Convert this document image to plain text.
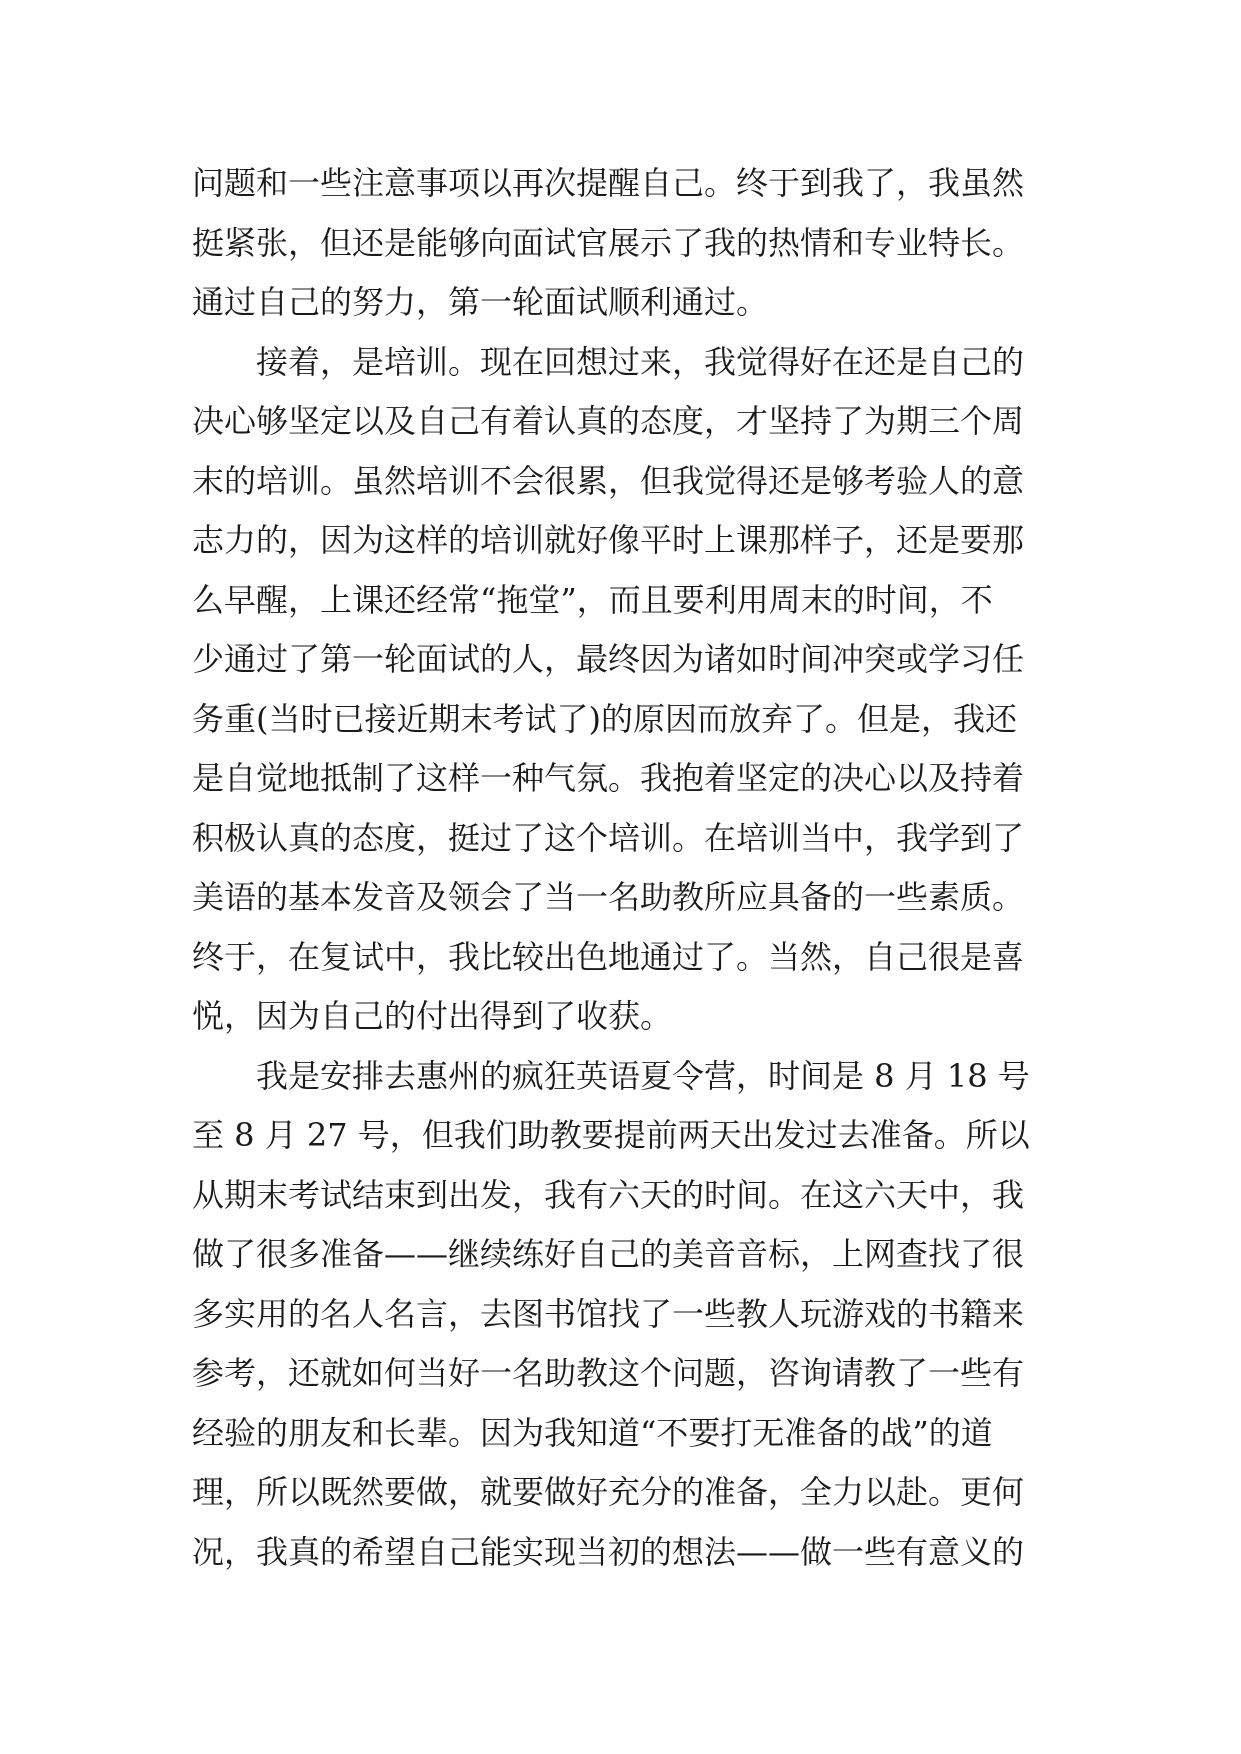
问题和一些注意事项以再次提醒自己。终于到我了，我虽然
挺紧张，但还是能够向面试官展示了我的热情和专业特长。
通过自己的努力，第一轮面试顺利通过。
　　接着，是培训。现在回想过来，我觉得好在还是自己的
决心够坚定以及自己有着认真的态度，才坚持了为期三个周
末的培训。虽然培训不会很累，但我觉得还是够考验人的意
志力的，因为这样的培训就好像平时上课那样子，还是要那
么早醒，上课还经常“拖堂”，而且要利用周末的时间，不
少通过了第一轮面试的人，最终因为诸如时间冲突或学习任
务重(当时已接近期末考试了)的原因而放弃了。但是，我还
是自觉地抵制了这样一种气氛。我抱着坚定的决心以及持着
积极认真的态度，挺过了这个培训。在培训当中，我学到了
美语的基本发音及领会了当一名助教所应具备的一些素质。
终于，在复试中，我比较出色地通过了。当然，自己很是喜
悦，因为自己的付出得到了收获。
　　我是安排去惠州的疯狂英语夏令营，时间是 8 月 18 号
至 8 月 27 号，但我们助教要提前两天出发过去准备。所以
从期末考试结束到出发，我有六天的时间。在这六天中，我
做了很多准备——继续练好自己的美音音标，上网查找了很
多实用的名人名言，去图书馆找了一些教人玩游戏的书籍来
参考，还就如何当好一名助教这个问题，咨询请教了一些有
经验的朋友和长辈。因为我知道“不要打无准备的战”的道
理，所以既然要做，就要做好充分的准备，全力以赴。更何
况，我真的希望自己能实现当初的想法——做一些有意义的
